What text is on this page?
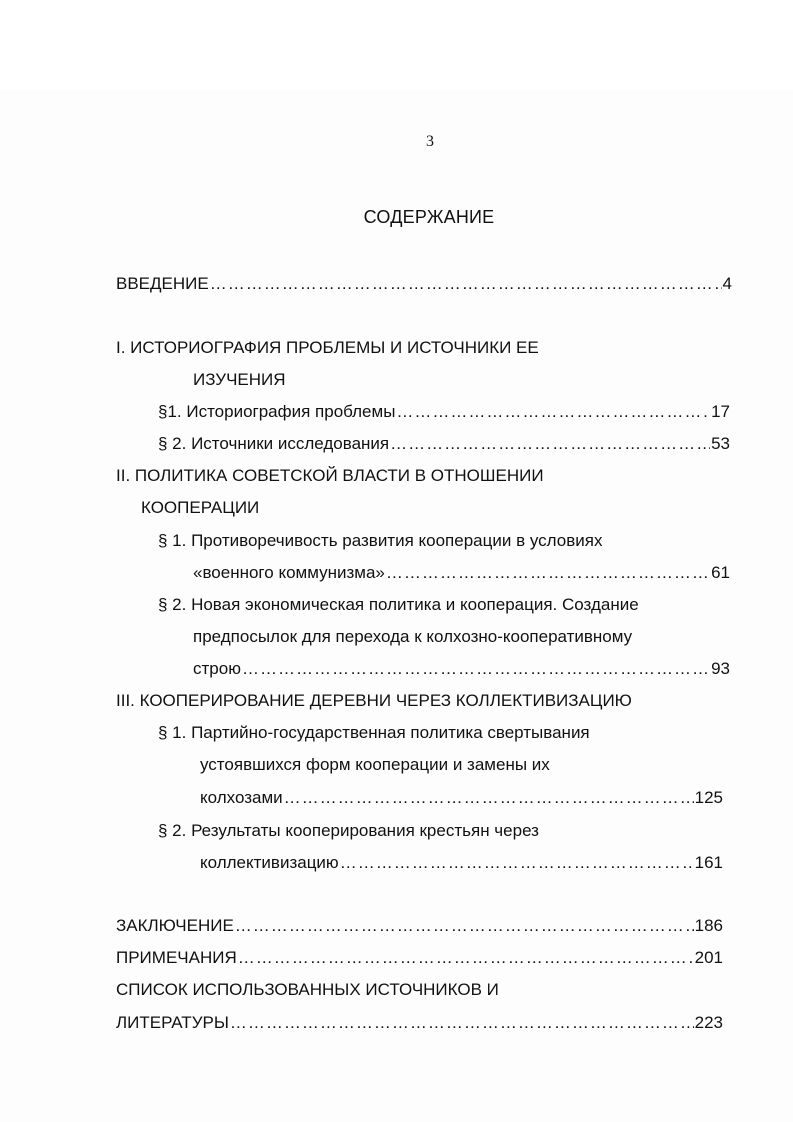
3
СОДЕРЖАНИЕ
ВВЕДЕНИЕ ……………………………………………………………………………………………………………………………………………………………………………………	4
I. ИСТОРИОГРАФИЯ ПРОБЛЕМЫ И ИСТОЧНИКИ ЕЕ
ИЗУЧЕНИЯ
§1. Историография проблемы ……………………………………………………………………………………………………………………………………………………………………………………	17
§ 2. Источники исследования ……………………………………………………………………………………………………………………………………………………………………………………	53
II. ПОЛИТИКА СОВЕТСКОЙ ВЛАСТИ В ОТНОШЕНИИ
КООПЕРАЦИИ
§ 1. Противоречивость развития кооперации в условиях
«военного коммунизма» ……………………………………………………………………………………………………………………………………………………………………………………	61
§ 2. Новая экономическая политика и кооперация. Создание
предпосылок для перехода к колхозно-кооперативному
строю ……………………………………………………………………………………………………………………………………………………………………………………	93
III. КООПЕРИРОВАНИЕ ДЕРЕВНИ ЧЕРЕЗ КОЛЛЕКТИВИЗАЦИЮ
§ 1. Партийно-государственная политика свертывания
устоявшихся форм кооперации и замены их
колхозами ……………………………………………………………………………………………………………………………………………………………………………………	125
§ 2. Результаты кооперирования крестьян через
коллективизацию ……………………………………………………………………………………………………………………………………………………………………………………	161
ЗАКЛЮЧЕНИЕ ……………………………………………………………………………………………………………………………………………………………………………………	186
ПРИМЕЧАНИЯ ……………………………………………………………………………………………………………………………………………………………………………………	201
СПИСОК ИСПОЛЬЗОВАННЫХ ИСТОЧНИКОВ И
ЛИТЕРАТУРЫ ……………………………………………………………………………………………………………………………………………………………………………………	223
